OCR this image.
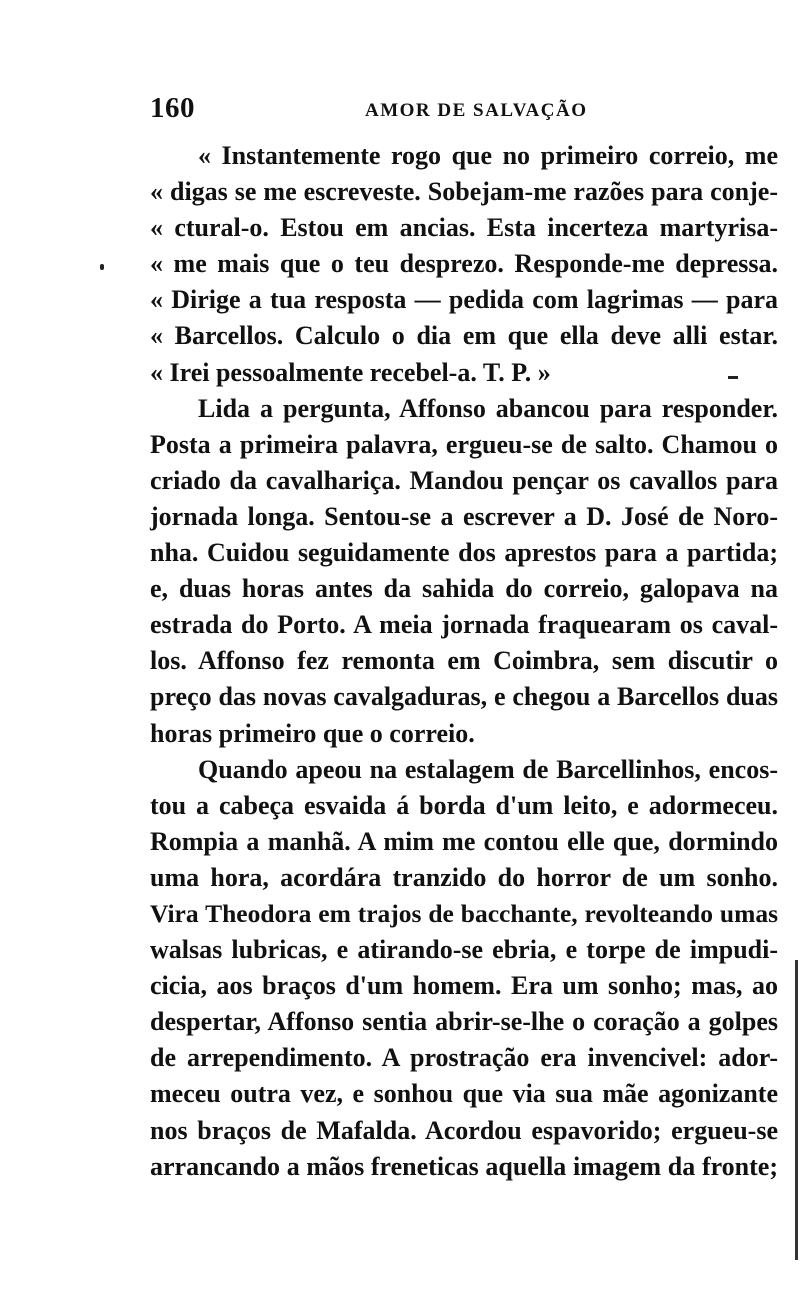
160	AMOR DE SALVAÇÃO
« Instantemente rogo que no primeiro correio, me
« digas se me escreveste. Sobejam-me razões para conje-
« ctural-o. Estou em ancias. Esta incerteza martyrisa-
« me mais que o teu desprezo. Responde-me depressa.
« Dirige a tua resposta — pedida com lagrimas — para
« Barcellos. Calculo o dia em que ella deve alli estar.
« Irei pessoalmente recebel-a. T. P. »
Lida a pergunta, Affonso abancou para responder.
Posta a primeira palavra, ergueu-se de salto. Chamou o
criado da cavalhariça. Mandou pençar os cavallos para
jornada longa. Sentou-se a escrever a D. José de Noro-
nha. Cuidou seguidamente dos aprestos para a partida;
e, duas horas antes da sahida do correio, galopava na
estrada do Porto. A meia jornada fraquearam os caval-
los. Affonso fez remonta em Coimbra, sem discutir o
preço das novas cavalgaduras, e chegou a Barcellos duas
horas primeiro que o correio.
Quando apeou na estalagem de Barcellinhos, encos-
tou a cabeça esvaida á borda d'um leito, e adormeceu.
Rompia a manhã. A mim me contou elle que, dormindo
uma hora, acordára tranzido do horror de um sonho.
Vira Theodora em trajos de bacchante, revolteando umas
walsas lubricas, e atirando-se ebria, e torpe de impudi-
cicia, aos braços d'um homem. Era um sonho; mas, ao
despertar, Affonso sentia abrir-se-lhe o coração a golpes
de arrependimento. A prostração era invencivel: ador-
meceu outra vez, e sonhou que via sua mãe agonizante
nos braços de Mafalda. Acordou espavorido; ergueu-se
arrancando a mãos freneticas aquella imagem da fronte;
